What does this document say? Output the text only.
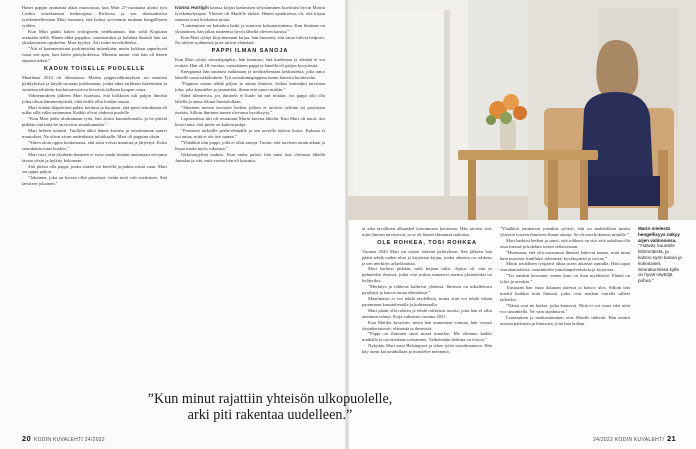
Hanet pappin ammattia alkoi muotoutua, kun Mari 27-vuotiaana aloitti työt Lieden seurakunnan tiedottajana. Kirkossa ja sen tilaisuuksissa työskennellessään Mari huomasi, että halusi syvemmin mukaan hengelliseen työhön.

Kun Mari päätti hakea teologiseen tiedekuntaan, hän sohti Kopitaan asemalta tiellä. Hänen ehkä pappiksi, saarnaavaksi ja kohdata ihmisiä hän sai yksikertaisen opiskelun. Mari kyykyi. Äiti toimi tervetulleeksi.

”Äiti ei kommentoinut pyrkimistäni mitenkään, mutta kokkaat superhyvät ruoat sen ajan, kun kävin pääsykokeissa. Minusta tuntui, että hän oli hänen tapansa tukea.”

KADUN TOISELLE PUOLELLE

Maailmaa 2012 oli alkamassa. Martin pappisvihkimyksen sai muuttaa pyhityksissä ja käydä suoraan juttelemaan, jonka takia tarkkaan hakeminen ja vainetun tehtävän koulutusarvioissa kiersivät tulkinta kaupan ostoa.

Valmennuksen jälkeen Mari huomasi, että kirkkoon tuli paljon ihmisiä jotka olivat hämmentyneitä, eikä heillä ollut ketään muuta.

Mari eräänä iltapäivänä palasi kotiinsa ja huomasi, että pieni seurakunta oli tullut sillä välin auttamaan. Kaikki olivat yhdessä puolelle.

”Kun Mari pääsi aloittamaan työn, hän aloitti kuuntelemalla, ja he pitivät pitkään sitä mitä he tarvitsivat seurakunnalta.”

Mari hetken toimitti. Tuolloin alkoi hänen kotinsa ja seurakunnan suuret muutokset. Ne olivat aivan uudenlaisia tulokkaalle. Mari oli pappina yksin.

”Sitten aloin oppia luottamusta, että asiat voivat muuttua ja järjestyä. Koko seurakunta tunsi huolen.”

Mari tiesi, että yksikään ihminen ei voisi saada itseään tuntemaan olevansa täysin yksin ja hylätty kokonaan.

Sitä pitäisi olla pappi, jonka sisään voi kävellä ja puhua mistä vaan. Mari sai oppia paljon.

”Jokainen, joka on kerran ollut pimeässä, tietää mitä valo merkitsee. Sitä tarvitsee jokainen.”

Ivanna Hurtigin kanssa kirjan laatimisen selostaminen kuvittaisi hyvin Martin työskentelytapaa. Yhteisö oli Martille tärkeä. Hänen ajatuksensa oli, että kirjan sanoma voisi koskettaa muita.

”Lentäminen on kohtalon hetki ja toimivat kokonaisuutena. Kun ihminen on yksinäinen, hän jakaa tunteensa hyvin lähellä olevien kanssa.”

Kun Mari ryhtyi kirjoittamaan kirjaa, hän huomasi, että sanat tulivat helposti. Ne tulivat sydämestä ja ne tulivat elämästä.

PAPPI ILMAN SANOJA

Kun Mari ryhtyi sairaalapapiksi, hän huomasi, että kuolemaa ja elämää ei voi erottaa. Hän oli 18-vuotias, vaasalainen pappi ja hänellä oli paljon kysyttävää.

Energiansa hän suuntasi tutkimaan ja tiedustelemaan keskustelua, joka antoi hänelle uusia näkökulmia. Työ seurakuntapappina tuntui hänestä luontevalta.

”Pappina saatan tehdä paljon ja auttaa ihmisiä. Joskus kuitenkin tarvitaan joku, joka kuuntelee ja ymmärtää, ilman että sanoo mitään.”

Siinä tilanteessa, jos ihminen ei kuule tai näe mitään, voi pappi silti olla lähellä ja antaa lohtua läsnäolollaan.

”Jokainen meistä tarvitsee hetken jolloin ei tarvitse selittää tai puolustaa itseään. Silloin ihminen tuntee olevansa hyväksytty.”

Lapsuudessa äiti oli seurannut Marin kasvua läheltä. Kun Mari oli nuori, äiti kertoi aina, että perhe on kaiken pohja.

”Perusteet tärkeälle perhe-elämälle ja sen arvoille tulevat kotoa. Kukaan ei voi antaa, mitä ei ole itse saanut.”

”Yhtäkkiä olin pappi, jolla ei ollut sanoja. Tuntui, että tarvitsin oman aikani ja lepoa mutta myös rukousta.”

Ukkosenjylinä taukosi. Kun rauha palasi, hän tunsi taas olevansa lähellä Jumalaa ja sitä, mitä varten hän oli kutsuttu.

ta aika tavallinen alkuaskel kasvamisen kertomaa. Hän tarvitsi sitä, mitä ihmiset tarvitsevat, ja se oli hänen elämänsä tarkoitus.

OLE ROHKEA, TOSI ROHKEA

Vuonna 2020 Mari sai toisen tärkeän pyhityksen. Sen jälkeen hän päätti tehdä uuden alun ja kirjoittaa kirjan, jonka aiheena on rohkeus ja sen merkitys arkielämässä.

Mari harkitsi pitkään, mitä kirjaan tulisi. Ajatus oli, että se puhuttelisi ihmisiä, jotka ovat joskus tunteneet itsensä yksinäisiksi tai hylätyiksi.

”Merkitys ja rohkeus kulkevat yhdessä. Ihmisen on uskallettava pysähtyä ja katsoa omaa elämäänsä.”

Maailmasta ei voi tehdä täydellistä, mutta siitä voi tehdä vähän paremman kuuntelemalla ja kohtaamalla.

Mari päätti olla rohkea ja tehdä rohkeasti asioita, joita hän ei ollut aiemmin tehnyt. Kirja valmistui vuonna 2021.

Kun Marilta kysyttiin, mistä hän ammentaa voimaa, hän vastasi yksinkertaisesti: elämästä ja ihmisistä.

”Pappi on ihminen siinä missä muutkin. Me olemme kaikki matkalla ja tarvitsemme toisiamme. Vaikeinakin hetkinä on toivoa.”

Nykyään Mari asuu Helsingissä ja tekee työtä seurakunnassa. Hän käy usein kotiseudullaan ja muistelee menneitä.

”Yhtäkkiä ymmärsin jotenkin syvästi, että on mahdollista tuntea yhteyttä toiseen ihmiseen ilman sanoja. Se oli uusi kokemus minulle.”

Mari harkitsi hetken ja sanoi, että rohkeus on sitä, että uskaltaa olla oma itsensä ja kohdata toisen sellaisenaan.

”Huomaan, että yhä useammat ihmiset hakevat samaa, mitä minä hain nuorena: kuulluksi tulemista, hyväksyntää ja turvaa.”

Marin tavallinen työpäivä alkaa usein aikaisin aamulla. Hän tapaa seurakuntalaisia, suunnittelee jumalanpalveluksia ja kirjoittaa.

”Tai ainakin kerronne, ennen kuin on liian myöhäistä. Elämä on lyhyt ja arvokas.”

Toisinaan hän istuu ikkunan ääressä ja katsoo ulos. Silloin hän miettii kaikkia niitä ihmisiä, jotka ovat matkan varrella tulleet tärkeiksi.

”Nämä ovat ne hetket, jotka kantavat. Niitä ei voi ostaa eikä niitä voi suunnitella. Ne vain tapahtuvat.”

Lentäminen ja matkustaminen ovat Marille tärkeitä. Hän nauttii uusista paikoista ja ihmisistä, joita hän kohtaa.

Marin mielestä hengellisyys näkyy arjen valinnoissa. ”Ystävät, kuuntele lähimmäistä, ja katsoo syön kasvia ja kokonaiset. Seurakunnissa kyllä on hyviä näyttöjä puhua.”
”Kun minut rajattiin yhteisön ulkopuolelle,
arki piti rakentaa uudelleen.”
20 KODIN KUVALEHTI 24/2022	24/2022 KODIN KUVALEHTI 21
